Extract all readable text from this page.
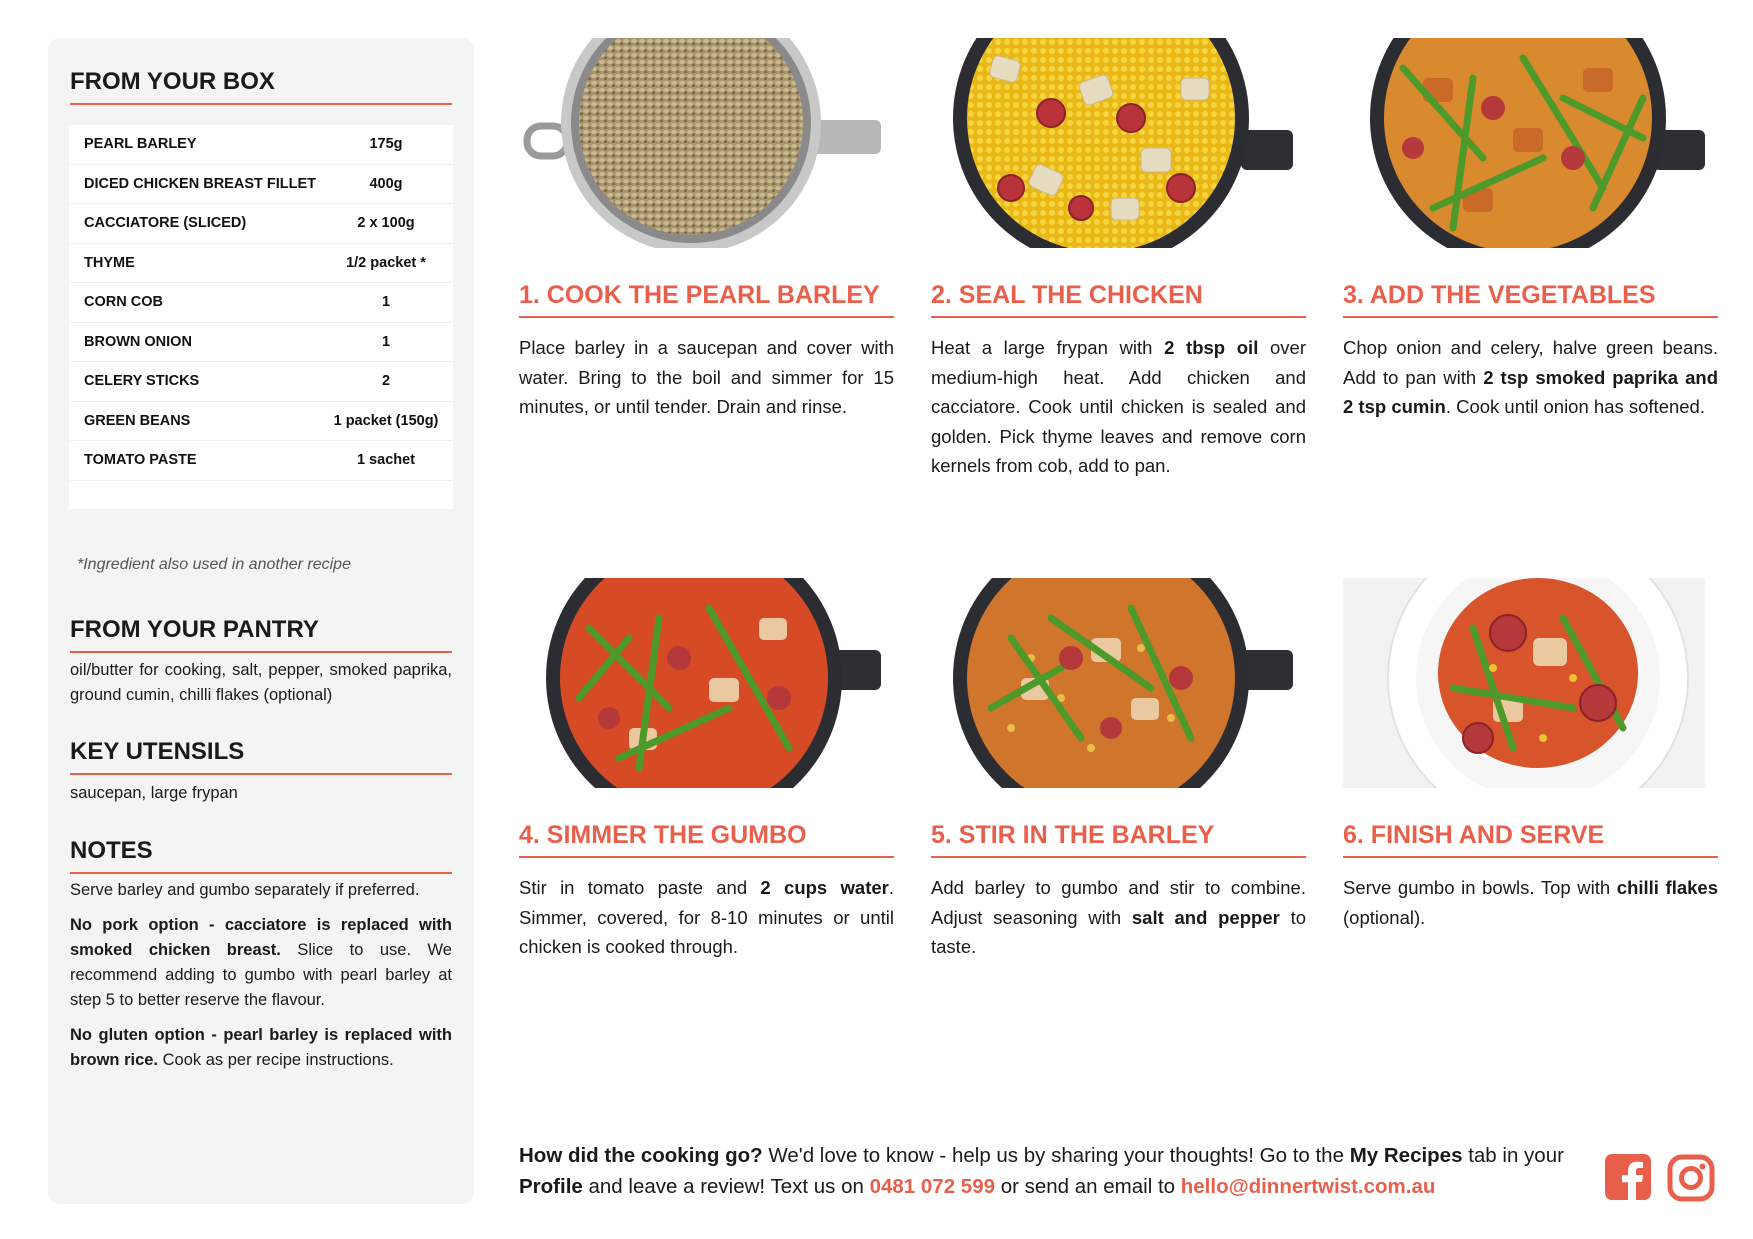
FROM YOUR BOX
PEARL BARLEY	175g
DICED CHICKEN BREAST FILLET	400g
CACCIATORE (SLICED)	2 x 100g
THYME	1/2 packet *
CORN COB	1
BROWN ONION	1
CELERY STICKS	2
GREEN BEANS	1 packet (150g)
TOMATO PASTE	1 sachet
*Ingredient also used in another recipe
FROM YOUR PANTRY
oil/butter for cooking, salt, pepper, smoked paprika, ground cumin, chilli flakes (optional)
KEY UTENSILS
saucepan, large frypan
NOTES

Serve barley and gumbo separately if preferred.

No pork option - cacciatore is replaced with smoked chicken breast. Slice to use. We recommend adding to gumbo with pearl barley at step 5 to better reserve the flavour.

No gluten option - pearl barley is replaced with brown rice. Cook as per recipe instructions.

1. COOK THE PEARL BARLEY
Place barley in a saucepan and cover with water. Bring to the boil and simmer for 15 minutes, or until tender. Drain and rinse.
2. SEAL THE CHICKEN
Heat a large frypan with 2 tbsp oil over medium-high heat. Add chicken and cacciatore. Cook until chicken is sealed and golden. Pick thyme leaves and remove corn kernels from cob, add to pan.
3. ADD THE VEGETABLES
Chop onion and celery, halve green beans. Add to pan with 2 tsp smoked paprika and 2 tsp cumin. Cook until onion has softened.
4. SIMMER THE GUMBO
Stir in tomato paste and 2 cups water. Simmer, covered, for 8-10 minutes or until chicken is cooked through.
5. STIR IN THE BARLEY
Add barley to gumbo and stir to combine. Adjust seasoning with salt and pepper to taste.
6. FINISH AND SERVE
Serve gumbo in bowls. Top with chilli flakes (optional).
How did the cooking go? We'd love to know - help us by sharing your thoughts! Go to the My Recipes tab in your Profile and leave a review! Text us on 0481 072 599 or send an email to hello@dinnertwist.com.au
